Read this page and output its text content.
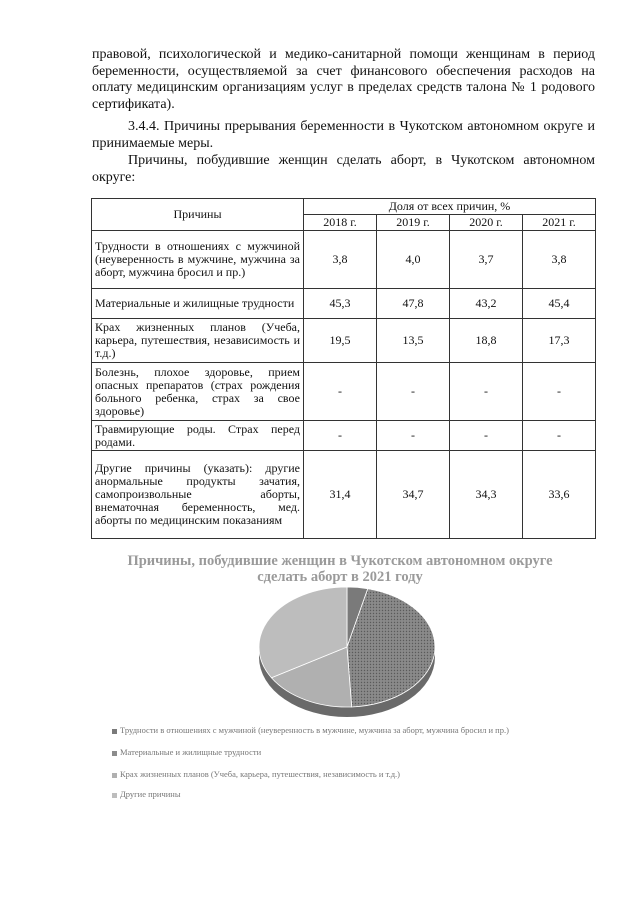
правовой, психологической и медико-санитарной помощи женщинам в период беременности, осуществляемой за счет финансового обеспечения расходов на оплату медицинским организациям услуг в пределах средств талона № 1 родового сертификата).
3.4.4. Причины прерывания беременности в Чукотском автономном округе и принимаемые меры.
Причины, побудившие женщин сделать аборт, в Чукотском автономном округе:
Причины	Доля от всех причин, %			
	2018 г.	2019 г.	2020 г.	2021 г.
Трудности в отношениях с мужчиной (неуверенность в мужчине, мужчина за аборт, мужчина бросил и пр.)	3,8	4,0	3,7	3,8
Материальные и жилищные трудности	45,3	47,8	43,2	45,4
Крах жизненных планов (Учеба, карьера, путешествия, независимость и т.д.)	19,5	13,5	18,8	17,3
Болезнь, плохое здоровье, прием опасных препаратов (страх рождения больного ребенка, страх за свое здоровье)	-	-	-	-
Травмирующие роды. Страх перед родами.	-	-	-	-
Другие причины (указать): другие анормальные продукты зачатия, самопроизвольные аборты, внематочная беременность, мед. аборты по медицинским показаниям	31,4	34,7	34,3	33,6
Причины, побудившие женщин в Чукотском автономном округе сделать аборт в 2021 году
Трудности в отношениях с мужчиной (неуверенность в мужчине, мужчина за аборт, мужчина бросил и пр.)
Материальные и жилищные трудности
Крах жизненных планов (Учеба, карьера, путешествия, независимость и т.д.)
Другие причины
